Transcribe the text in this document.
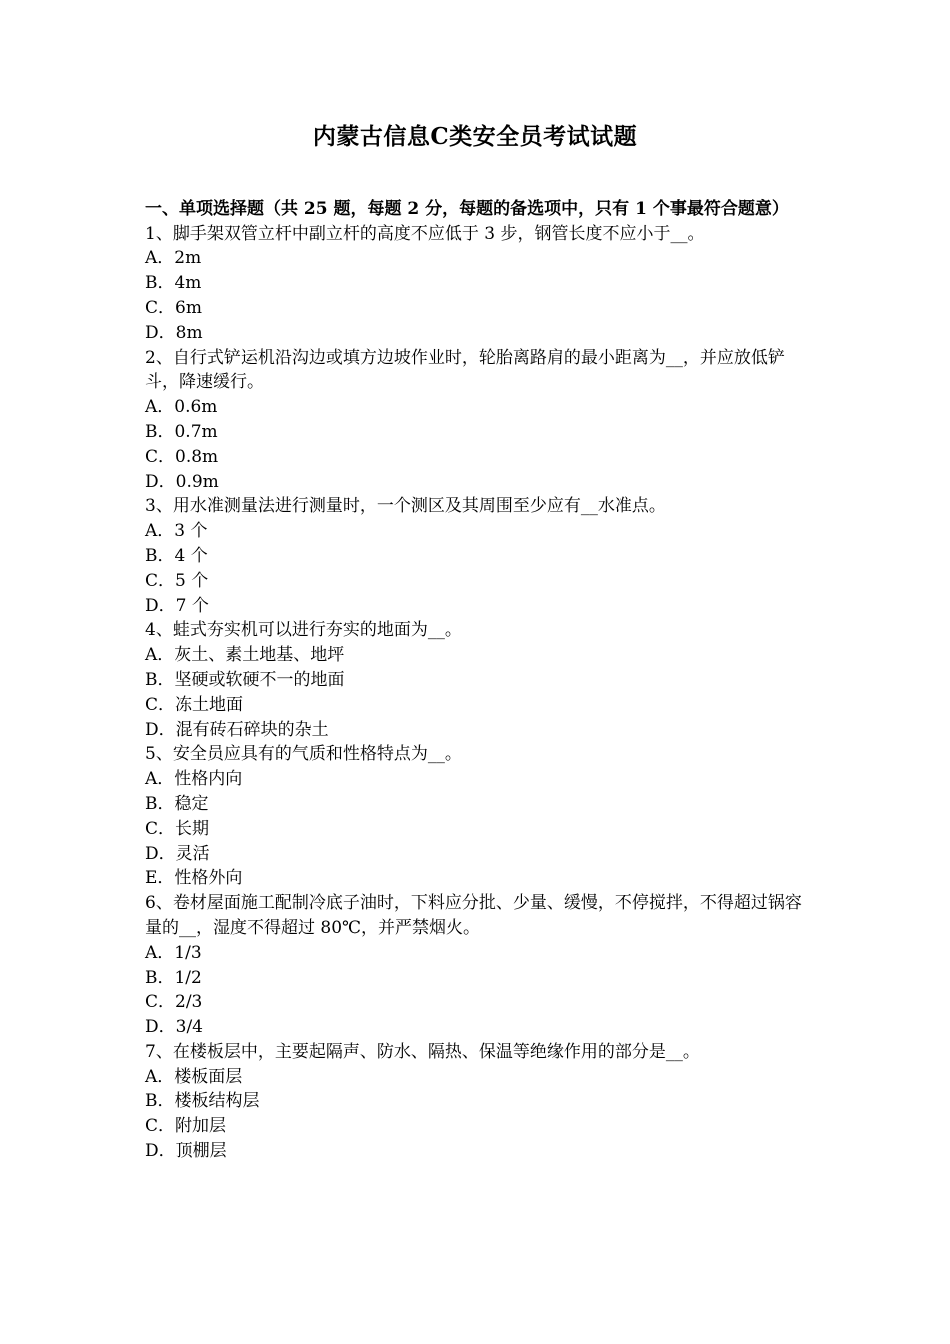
内蒙古信息C类安全员考试试题
一、单项选择题（共 25 题，每题 2 分，每题的备选项中，只有 1 个事最符合题意）
1、脚手架双管立杆中副立杆的高度不应低于 3 步，钢管长度不应小于__。
A．2m
B．4m
C．6m
D．8m
2、自行式铲运机沿沟边或填方边坡作业时，轮胎离路肩的最小距离为__，并应放低铲斗，降速缓行。
A．0.6m
B．0.7m
C．0.8m
D．0.9m
3、用水准测量法进行测量时，一个测区及其周围至少应有__水准点。
A．3 个
B．4 个
C．5 个
D．7 个
4、蛙式夯实机可以进行夯实的地面为__。
A．灰土、素土地基、地坪
B．坚硬或软硬不一的地面
C．冻土地面
D．混有砖石碎块的杂土
5、安全员应具有的气质和性格特点为__。
A．性格内向
B．稳定
C．长期
D．灵活
E．性格外向
6、卷材屋面施工配制冷底子油时，下料应分批、少量、缓慢，不停搅拌，不得超过锅容量的__，湿度不得超过 80℃，并严禁烟火。
A．1/3
B．1/2
C．2/3
D．3/4
7、在楼板层中，主要起隔声、防水、隔热、保温等绝缘作用的部分是__。
A．楼板面层
B．楼板结构层
C．附加层
D．顶棚层
